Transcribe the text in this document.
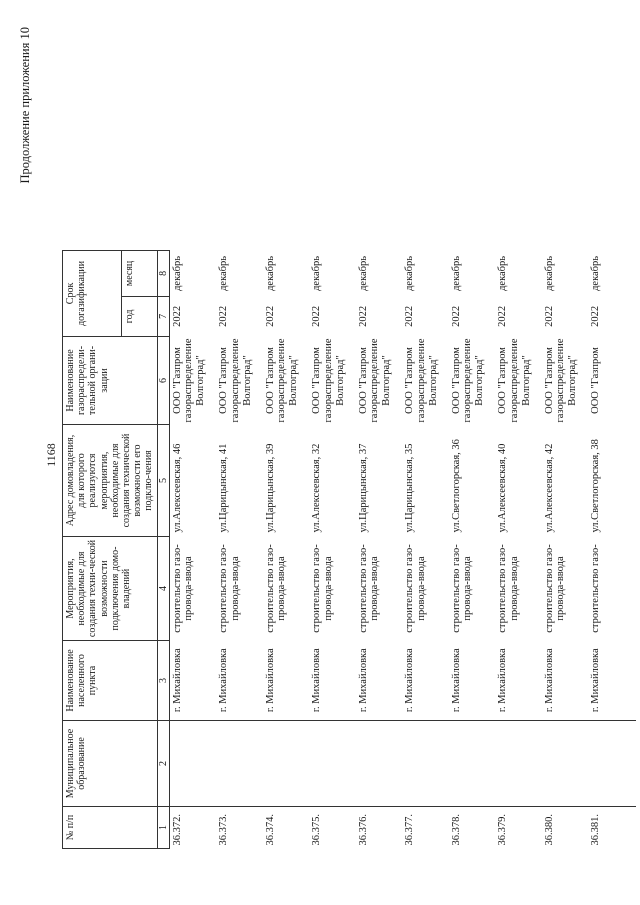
1168
Продолжение приложения 10
№ п/п	Муниципальное образование	Наименование населенного пункта	Мероприятия, необходимые для создания техни-ческой возможности подключения домо-владений	Адрес домовладения, для которого реализуются мероприятия, необходимые для создания технической возможности его подклю-чения	Наименование газораспредели-тельной органи-зации	Срок догазификации	
						год	месяц
1	2	3	4	5	6	7	8
36.372.		г. Михайловка	строительство газо-провода-ввода	ул.Алексеевская, 46	ООО "Газпром газораспределение Волгоград"	2022	декабрь
36.373.		г. Михайловка	строительство газо-провода-ввода	ул.Царицынская, 41	ООО "Газпром газораспределение Волгоград"	2022	декабрь
36.374.		г. Михайловка	строительство газо-провода-ввода	ул.Царицынская, 39	ООО "Газпром газораспределение Волгоград"	2022	декабрь
36.375.		г. Михайловка	строительство газо-провода-ввода	ул.Алексеевская, 32	ООО "Газпром газораспределение Волгоград"	2022	декабрь
36.376.		г. Михайловка	строительство газо-провода-ввода	ул.Царицынская, 37	ООО "Газпром газораспределение Волгоград"	2022	декабрь
36.377.		г. Михайловка	строительство газо-провода-ввода	ул.Царицынская, 35	ООО "Газпром газораспределение Волгоград"	2022	декабрь
36.378.		г. Михайловка	строительство газо-провода-ввода	ул.Светлогорская, 36	ООО "Газпром газораспределение Волгоград"	2022	декабрь
36.379.		г. Михайловка	строительство газо-провода-ввода	ул.Алексеевская, 40	ООО "Газпром газораспределение Волгоград"	2022	декабрь
36.380.		г. Михайловка	строительство газо-провода-ввода	ул.Алексеевская, 42	ООО "Газпром газораспределение Волгоград"	2022	декабрь
36.381.		г. Михайловка	строительство газо-	ул.Светлогорская, 38	ООО "Газпром	2022	декабрь
